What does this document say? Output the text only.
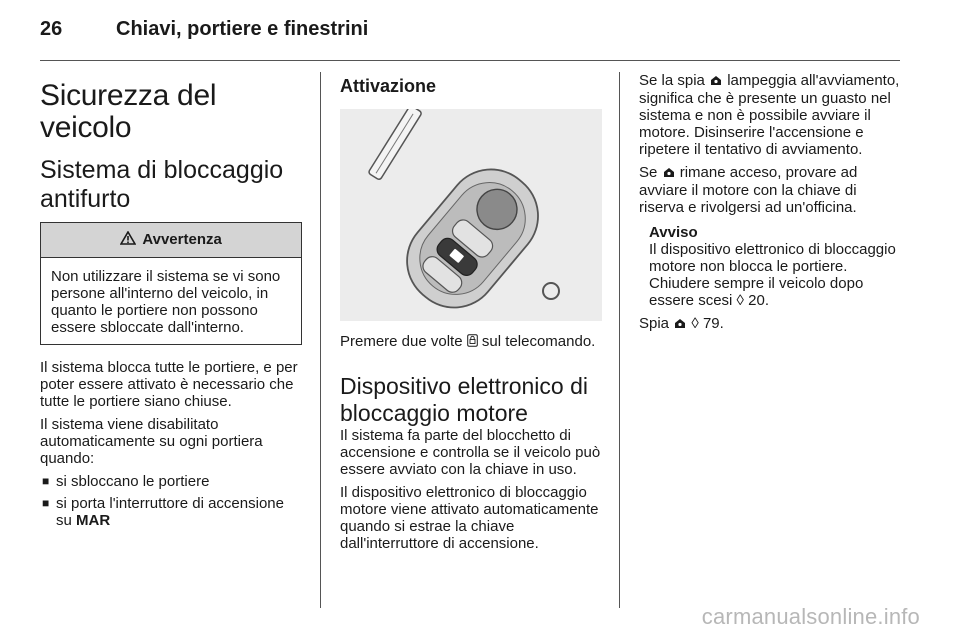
26	Chiavi, portiere e finestrini
Sicurezza del veicolo
Sistema di bloccaggio antifurto
Avvertenza
Non utilizzare il sistema se vi sono persone all'interno del veicolo, in quanto le portiere non possono essere sbloccate dall'interno.

Il sistema blocca tutte le portiere, e per poter essere attivato è necessario che tutte le portiere siano chiuse.

Il sistema viene disabilitato automaticamente su ogni portiera quando:

■ si sbloccano le portiere
■ si porta l'interruttore di accensione su MAR
Attivazione

Premere due volte sul telecomando.

Dispositivo elettronico di bloccaggio motore

Il sistema fa parte del blocchetto di accensione e controlla se il veicolo può essere avviato con la chiave in uso.

Il dispositivo elettronico di bloccaggio motore viene attivato automaticamente quando si estrae la chiave dall'interruttore di accensione.

Se la spia lampeggia all'avviamento, significa che è presente un guasto nel sistema e non è possibile avviare il motore. Disinserire l'accensione e ripetere il tentativo di avviamento.

Se rimane acceso, provare ad avviare il motore con la chiave di riserva e rivolgersi ad un'officina.

Avviso

Il dispositivo elettronico di bloccaggio motore non blocca le portiere. Chiudere sempre il veicolo dopo essere scesi ◊ 20.

Spia ◊ 79.

carmanualsonline.info
